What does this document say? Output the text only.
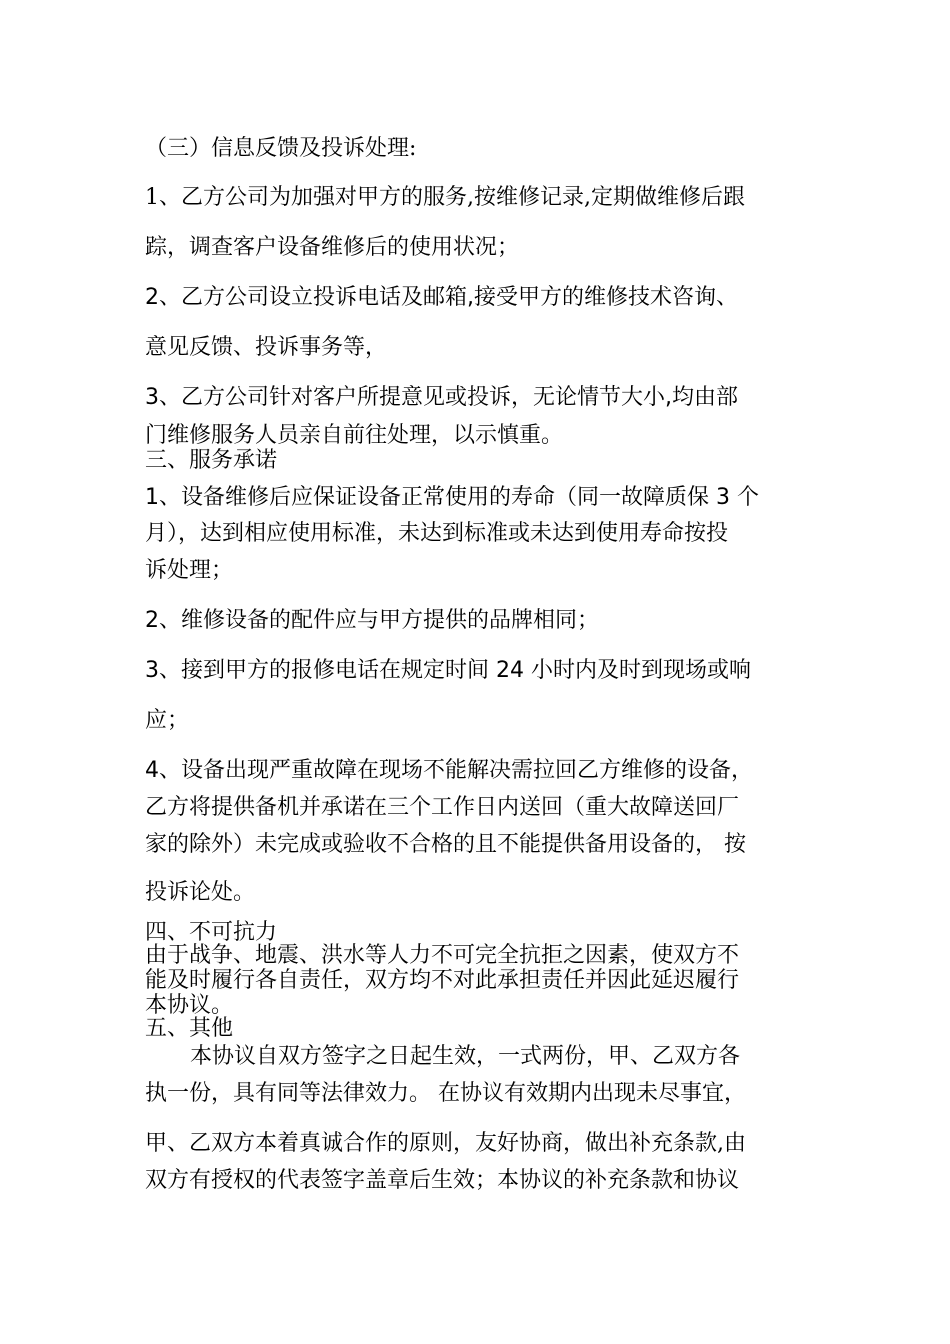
（三）信息反馈及投诉处理:
1、乙方公司为加强对甲方的服务,按维修记录,定期做维修后跟
踪，调查客户设备维修后的使用状况；
2、乙方公司设立投诉电话及邮箱,接受甲方的维修技术咨询、
意见反馈、投诉事务等，
3、乙方公司针对客户所提意见或投诉，无论情节大小,均由部
门维修服务人员亲自前往处理，以示慎重。
三、服务承诺
1、设备维修后应保证设备正常使用的寿命（同一故障质保 3 个
月），达到相应使用标准，未达到标准或未达到使用寿命按投
诉处理；
2、维修设备的配件应与甲方提供的品牌相同；
3、接到甲方的报修电话在规定时间 24 小时内及时到现场或响
应；
4、设备出现严重故障在现场不能解决需拉回乙方维修的设备，
乙方将提供备机并承诺在三个工作日内送回（重大故障送回厂
家的除外）未完成或验收不合格的且不能提供备用设备的， 按
投诉论处。
四、不可抗力
由于战争、地震、洪水等人力不可完全抗拒之因素，使双方不
能及时履行各自责任，双方均不对此承担责任并因此延迟履行
本协议。
五、其他
本协议自双方签字之日起生效，一式两份，甲、乙双方各
执一份，具有同等法律效力。 在协议有效期内出现未尽事宜，
甲、乙双方本着真诚合作的原则，友好协商，做出补充条款,由
双方有授权的代表签字盖章后生效；本协议的补充条款和协议
